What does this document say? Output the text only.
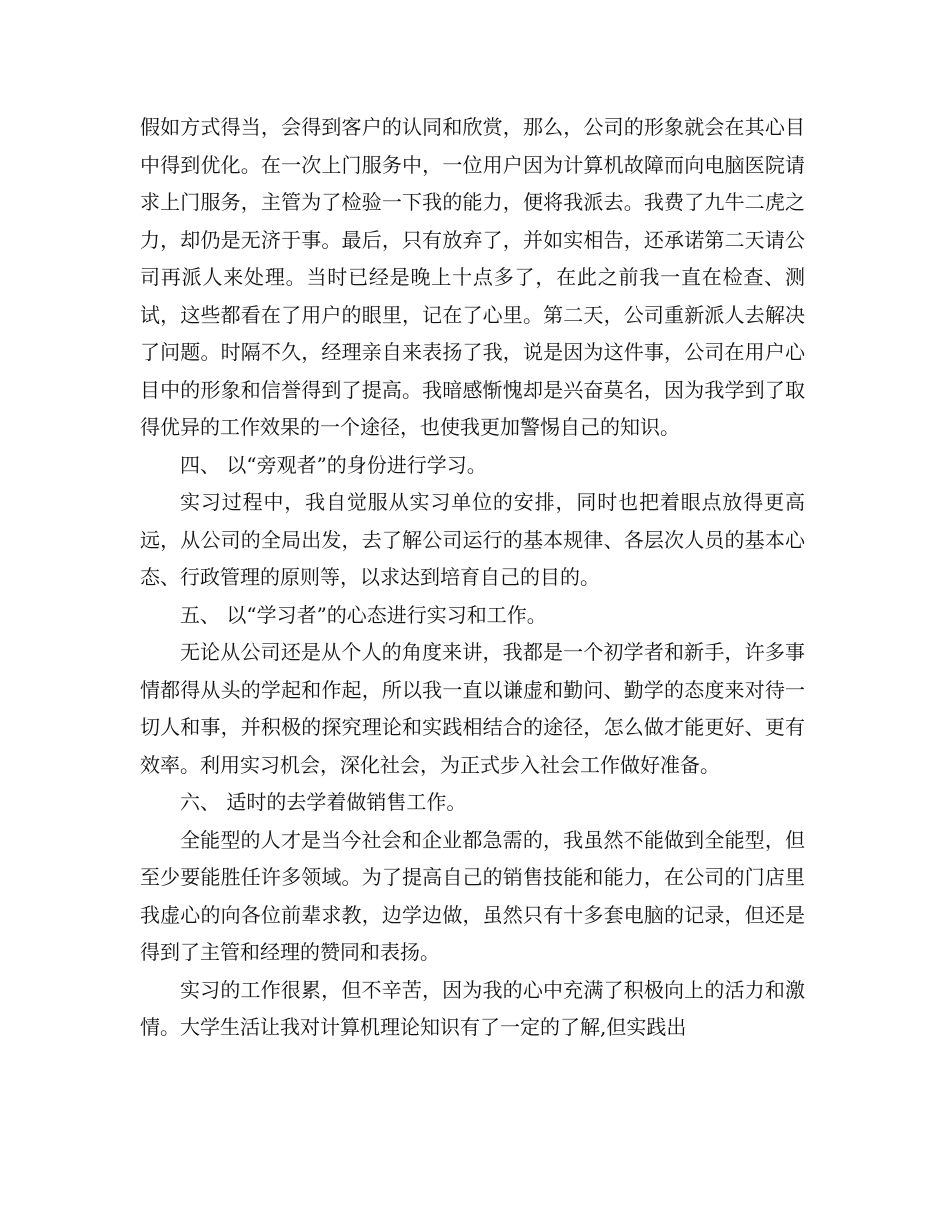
假如方式得当，会得到客户的认同和欣赏，那么，公司的形象就会在其心目中得到优化。在一次上门服务中，一位用户因为计算机故障而向电脑医院请求上门服务，主管为了检验一下我的能力，便将我派去。我费了九牛二虎之力，却仍是无济于事。最后，只有放弃了，并如实相告，还承诺第二天请公司再派人来处理。当时已经是晚上十点多了，在此之前我一直在检查、测试，这些都看在了用户的眼里，记在了心里。第二天，公司重新派人去解决了问题。时隔不久，经理亲自来表扬了我，说是因为这件事，公司在用户心目中的形象和信誉得到了提高。我暗感惭愧却是兴奋莫名，因为我学到了取得优异的工作效果的一个途径，也使我更加警惕自己的知识。

四、 以“旁观者”的身份进行学习。

实习过程中，我自觉服从实习单位的安排，同时也把着眼点放得更高远，从公司的全局出发，去了解公司运行的基本规律、各层次人员的基本心态、行政管理的原则等，以求达到培育自己的目的。

五、 以“学习者”的心态进行实习和工作。

无论从公司还是从个人的角度来讲，我都是一个初学者和新手，许多事情都得从头的学起和作起，所以我一直以谦虚和勤问、勤学的态度来对待一切人和事，并积极的探究理论和实践相结合的途径，怎么做才能更好、更有效率。利用实习机会，深化社会，为正式步入社会工作做好准备。

六、 适时的去学着做销售工作。

全能型的人才是当今社会和企业都急需的，我虽然不能做到全能型，但至少要能胜任许多领域。为了提高自己的销售技能和能力，在公司的门店里我虚心的向各位前辈求教，边学边做，虽然只有十多套电脑的记录，但还是得到了主管和经理的赞同和表扬。

实习的工作很累，但不辛苦，因为我的心中充满了积极向上的活力和激情。大学生活让我对计算机理论知识有了一定的了解,但实践出
